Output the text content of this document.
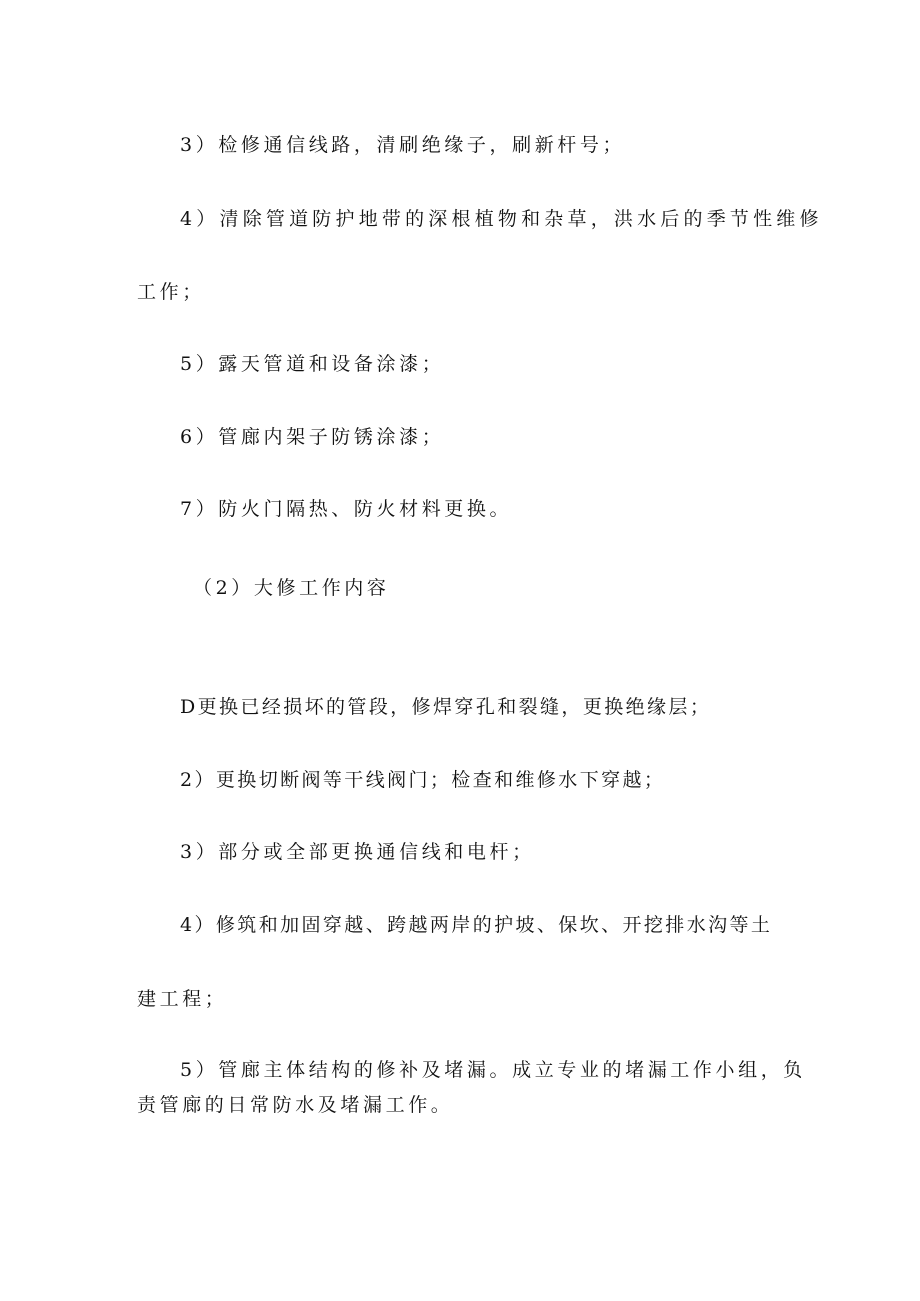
3）检修通信线路，清刷绝缘子，刷新杆号；
4）清除管道防护地带的深根植物和杂草，洪水后的季节性维修
工作；
5）露天管道和设备涂漆；
6）管廊内架子防锈涂漆；
7）防火门隔热、防火材料更换。
（2）大修工作内容
D更换已经损坏的管段，修焊穿孔和裂缝，更换绝缘层；
2）更换切断阀等干线阀门；检查和维修水下穿越；
3）部分或全部更换通信线和电杆；
4）修筑和加固穿越、跨越两岸的护坡、保坎、开挖排水沟等土
建工程；
5）管廊主体结构的修补及堵漏。成立专业的堵漏工作小组，负
责管廊的日常防水及堵漏工作。
